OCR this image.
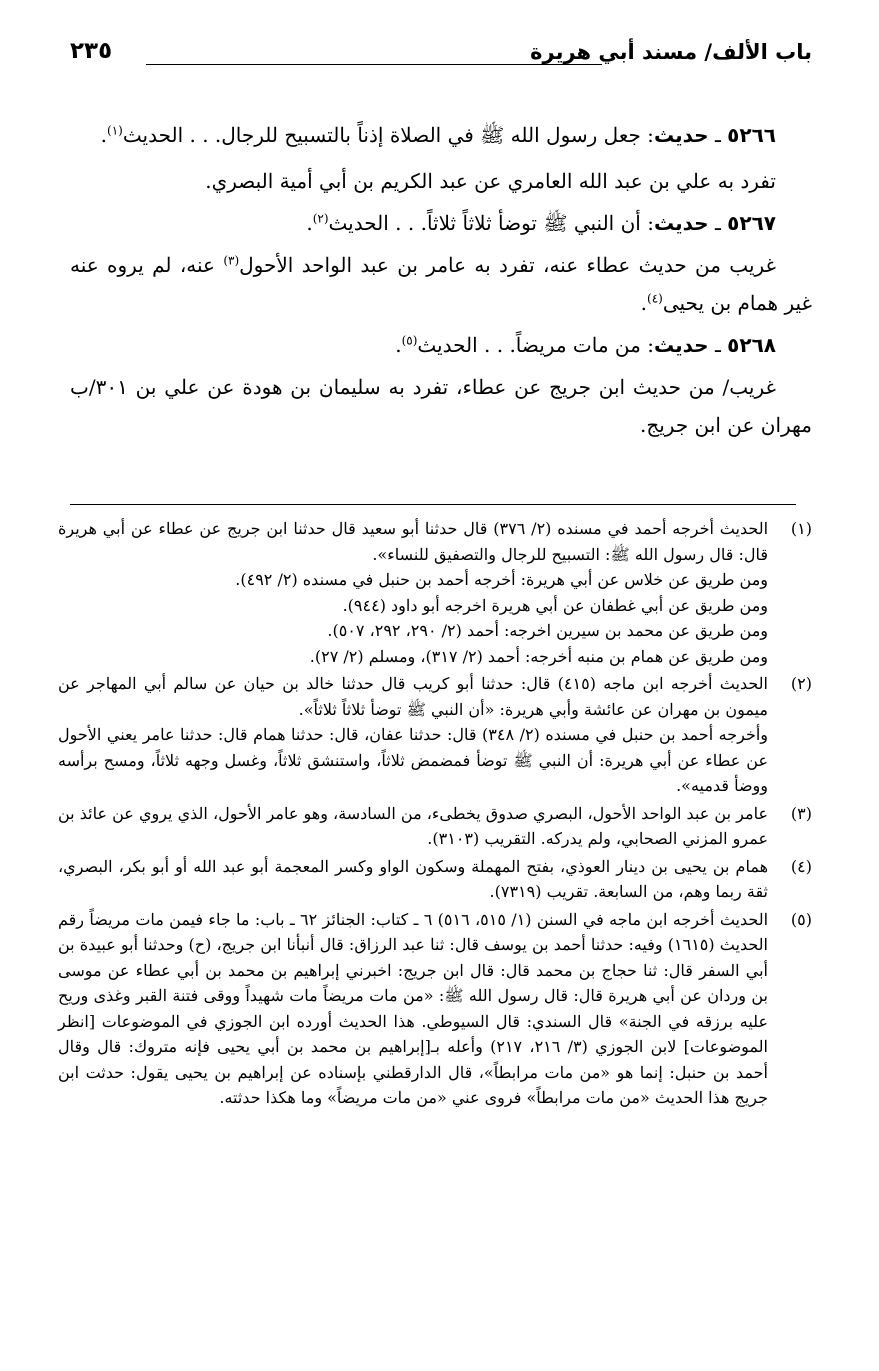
باب الألف/ مسند أبي هريرة
٢٣٥

٥٢٦٦ ـ حديث: جعل رسول الله ﷺ في الصلاة إذناً بالتسبيح للرجال. . . الحديث$^{(١)}$.

تفرد به علي بن عبد الله العامري عن عبد الكريم بن أبي أمية البصري.

٥٢٦٧ ـ حديث: أن النبي ﷺ توضأ ثلاثاً ثلاثاً. . . الحديث$^{(٢)}$.

غريب من حديث عطاء عنه، تفرد به عامر بن عبد الواحد الأحول$^{(٣)}$ عنه، لم يروه عنه غير همام بن يحيى$^{(٤)}$.

٥٢٦٨ ـ حديث: من مات مريضاً. . . الحديث$^{(٥)}$.

غريب/ من حديث ابن جريج عن عطاء، تفرد به سليمان بن هودة عن علي بن ٣٠١/ب مهران عن ابن جريج.

(١)

الحديث أخرجه أحمد في مسنده (٢/ ٣٧٦) قال حدثنا أبو سعيد قال حدثنا ابن جريج عن عطاء عن أبي هريرة قال: قال رسول الله ﷺ: التسبيح للرجال والتصفيق للنساء».

ومن طريق عن خلاس عن أبي هريرة: أخرجه أحمد بن حنبل في مسنده (٢/ ٤٩٢).

ومن طريق عن أبي غطفان عن أبي هريرة اخرجه أبو داود (٩٤٤).

ومن طريق عن محمد بن سيرين اخرجه: أحمد (٢/ ٢٩٠، ٢٩٢، ٥٠٧).

ومن طريق عن همام بن منبه أخرجه: أحمد (٢/ ٣١٧)، ومسلم (٢/ ٢٧).

(٢)

الحديث أخرجه ابن ماجه (٤١٥) قال: حدثنا أبو كريب قال حدثنا خالد بن حيان عن سالم أبي المهاجر عن ميمون بن مهران عن عائشة وأبي هريرة: «أن النبي ﷺ توضأ ثلاثاً ثلاثاً».

وأخرجه أحمد بن حنبل في مسنده (٢/ ٣٤٨) قال: حدثنا عفان، قال: حدثنا همام قال: حدثنا عامر يعني الأحول عن عطاء عن أبي هريرة: أن النبي ﷺ توضأ فمضمض ثلاثاً، واستنشق ثلاثاً، وغسل وجهه ثلاثاً، ومسح برأسه ووضأ قدميه».

(٣)

عامر بن عبد الواحد الأحول، البصري صدوق يخطىء، من السادسة، وهو عامر الأحول، الذي يروي عن عائذ بن عمرو المزني الصحابي، ولم يدركه. التقريب (٣١٠٣).

(٤)

همام بن يحيى بن دينار العوذي، بفتح المهملة وسكون الواو وكسر المعجمة أبو عبد الله أو أبو بكر، البصري، ثقة ربما وهم، من السابعة. تقريب (٧٣١٩).

(٥)

الحديث أخرجه ابن ماجه في السنن (١/ ٥١٥، ٥١٦) ٦ ـ كتاب: الجنائز ٦٢ ـ باب: ما جاء فيمن مات مريضاً رقم الحديث (١٦١٥) وفيه: حدثنا أحمد بن يوسف قال: ثنا عبد الرزاق: قال أنبأنا ابن جريج، (ح) وحدثنا أبو عبيدة بن أبي السفر قال: ثنا حجاج بن محمد قال: قال ابن جريج: اخبرني إبراهيم بن محمد بن أبي عطاء عن موسى بن وردان عن أبي هريرة قال: قال رسول الله ﷺ: «من مات مريضاً مات شهيداً ووقى فتنة القبر وغذى وريح عليه برزقه في الجنة» قال السندي: قال السيوطي. هذا الحديث أورده ابن الجوزي في الموضوعات [انظر الموضوعات] لابن الجوزي (٣/ ٢١٦، ٢١٧) وأعله بـ[إبراهيم بن محمد بن أبي يحيى فإنه متروك: قال وقال أحمد بن حنبل: إنما هو «من مات مرابطاً»، قال الدارقطني بإسناده عن إبراهيم بن يحيى يقول: حدثت ابن جريج هذا الحديث «من مات مرابطاً» فروى عني «من مات مريضاً» وما هكذا حدثته.
